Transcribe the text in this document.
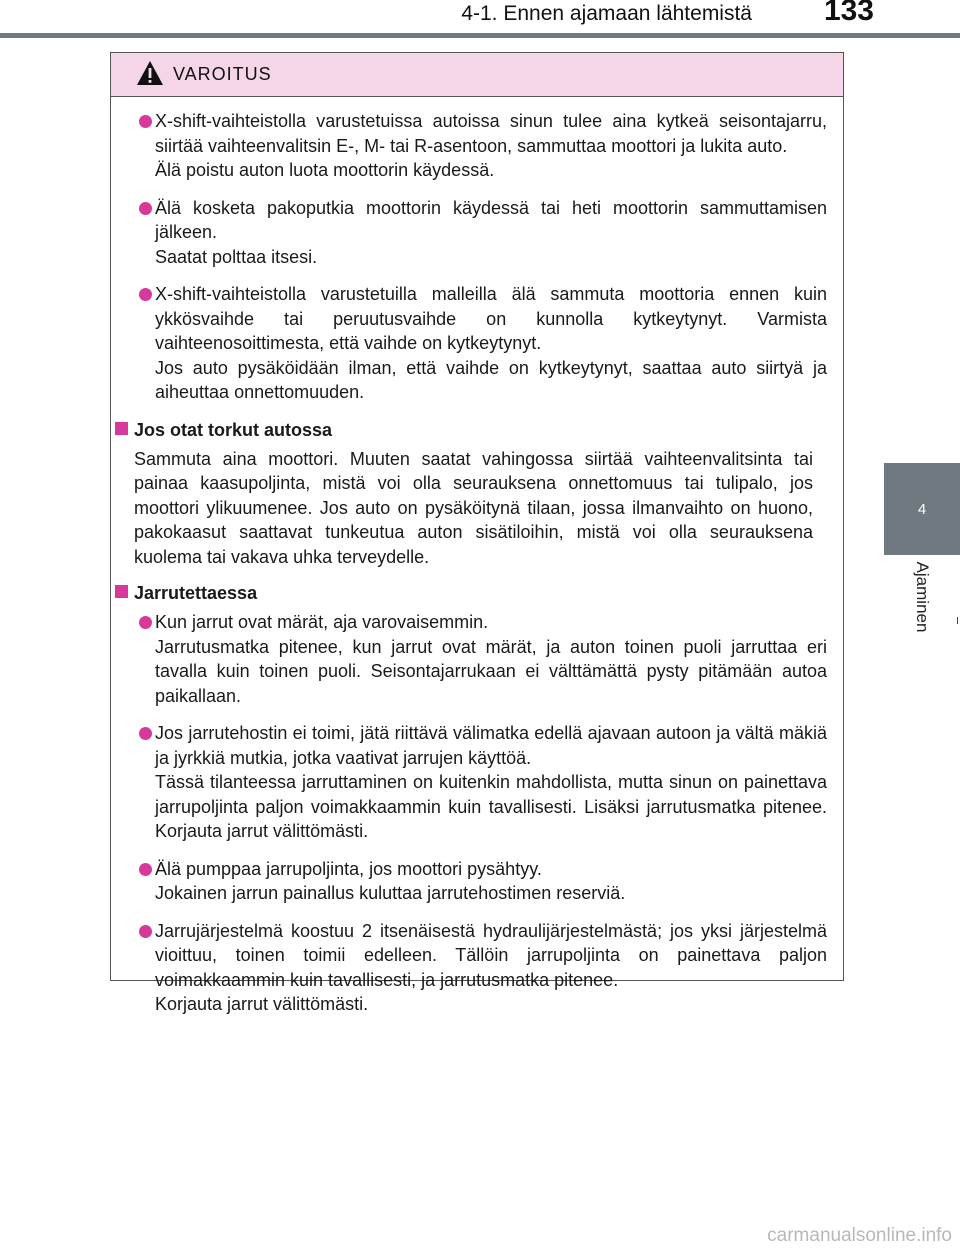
4-1. Ennen ajamaan lähtemistä	133
4
Ajaminen
VAROITUS
X-shift-vaihteistolla varustetuissa autoissa sinun tulee aina kytkeä seisontajarru, siirtää vaihteenvalitsin E-, M- tai R-asentoon, sammuttaa moottori ja lukita auto.
Älä poistu auton luota moottorin käydessä.
Älä kosketa pakoputkia moottorin käydessä tai heti moottorin sammuttamisen jälkeen.
Saatat polttaa itsesi.
X-shift-vaihteistolla varustetuilla malleilla älä sammuta moottoria ennen kuin ykkösvaihde tai peruutusvaihde on kunnolla kytkeytynyt. Varmista vaihteenosoittimesta, että vaihde on kytkeytynyt.
Jos auto pysäköidään ilman, että vaihde on kytkeytynyt, saattaa auto siirtyä ja aiheuttaa onnettomuuden.
Jos otat torkut autossa
Sammuta aina moottori. Muuten saatat vahingossa siirtää vaihteenvalitsinta tai painaa kaasupoljinta, mistä voi olla seurauksena onnettomuus tai tulipalo, jos moottori ylikuumenee. Jos auto on pysäköitynä tilaan, jossa ilmanvaihto on huono, pakokaasut saattavat tunkeutua auton sisätiloihin, mistä voi olla seurauksena kuolema tai vakava uhka terveydelle.
Jarrutettaessa
Kun jarrut ovat märät, aja varovaisemmin.
Jarrutusmatka pitenee, kun jarrut ovat märät, ja auton toinen puoli jarruttaa eri tavalla kuin toinen puoli. Seisontajarrukaan ei välttämättä pysty pitämään autoa paikallaan.
Jos jarrutehostin ei toimi, jätä riittävä välimatka edellä ajavaan autoon ja vältä mäkiä ja jyrkkiä mutkia, jotka vaativat jarrujen käyttöä.
Tässä tilanteessa jarruttaminen on kuitenkin mahdollista, mutta sinun on painettava jarrupoljinta paljon voimakkaammin kuin tavallisesti. Lisäksi jarrutusmatka pitenee. Korjauta jarrut välittömästi.
Älä pumppaa jarrupoljinta, jos moottori pysähtyy.
Jokainen jarrun painallus kuluttaa jarrutehostimen reserviä.
Jarrujärjestelmä koostuu 2 itsenäisestä hydraulijärjestelmästä; jos yksi järjestelmä vioittuu, toinen toimii edelleen. Tällöin jarrupoljinta on painettava paljon voimakkaammin kuin tavallisesti, ja jarrutusmatka pitenee.
Korjauta jarrut välittömästi.
carmanualsonline.info
